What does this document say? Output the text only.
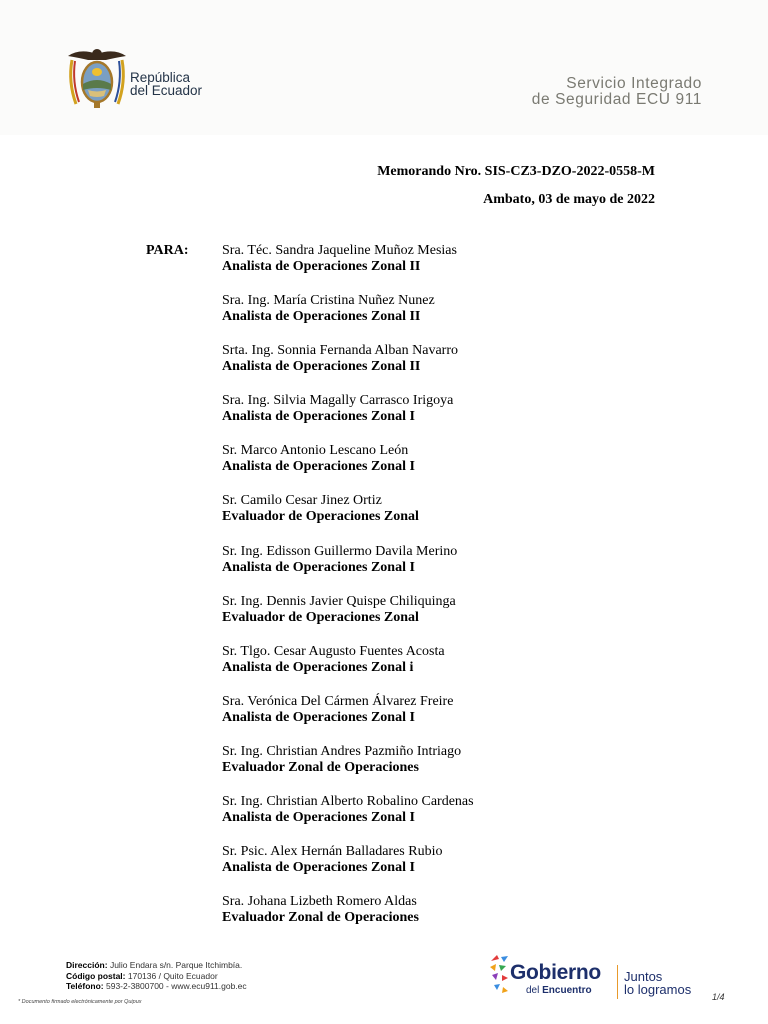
República
del Ecuador	Servicio Integrado
de Seguridad ECU 911
Memorando Nro. SIS-CZ3-DZO-2022-0558-M
Ambato, 03 de mayo de 2022
PARA: Sra. Téc. Sandra Jaqueline Muñoz Mesias
Analista de Operaciones Zonal II
Sra. Ing. María Cristina Nuñez Nunez
Analista de Operaciones Zonal II
Srta. Ing. Sonnia Fernanda Alban Navarro
Analista de Operaciones Zonal II
Sra. Ing. Silvia Magally Carrasco Irigoya
Analista de Operaciones Zonal I
Sr. Marco Antonio Lescano León
Analista de Operaciones Zonal I
Sr. Camilo Cesar Jinez Ortiz
Evaluador de Operaciones Zonal
Sr. Ing. Edisson Guillermo Davila Merino
Analista de Operaciones Zonal I
Sr. Ing. Dennis Javier Quispe Chiliquinga
Evaluador de Operaciones Zonal
Sr. Tlgo. Cesar Augusto Fuentes Acosta
Analista de Operaciones Zonal i
Sra. Verónica Del Cármen Álvarez Freire
Analista de Operaciones Zonal I
Sr. Ing. Christian Andres Pazmiño Intriago
Evaluador Zonal de Operaciones
Sr. Ing. Christian Alberto Robalino Cardenas
Analista de Operaciones Zonal I
Sr. Psic. Alex Hernán Balladares Rubio
Analista de Operaciones Zonal I
Sra. Johana Lizbeth Romero Aldas
Evaluador Zonal de Operaciones
Dirección: Julio Endara s/n. Parque Itchimbía.
Código postal: 170136 / Quito Ecuador
Teléfono: 593-2-3800700 - www.ecu911.gob.ec
* Documento firmado electrónicamente por Quipux
Gobierno
del Encuentro
Juntos
lo logramos 1/4
